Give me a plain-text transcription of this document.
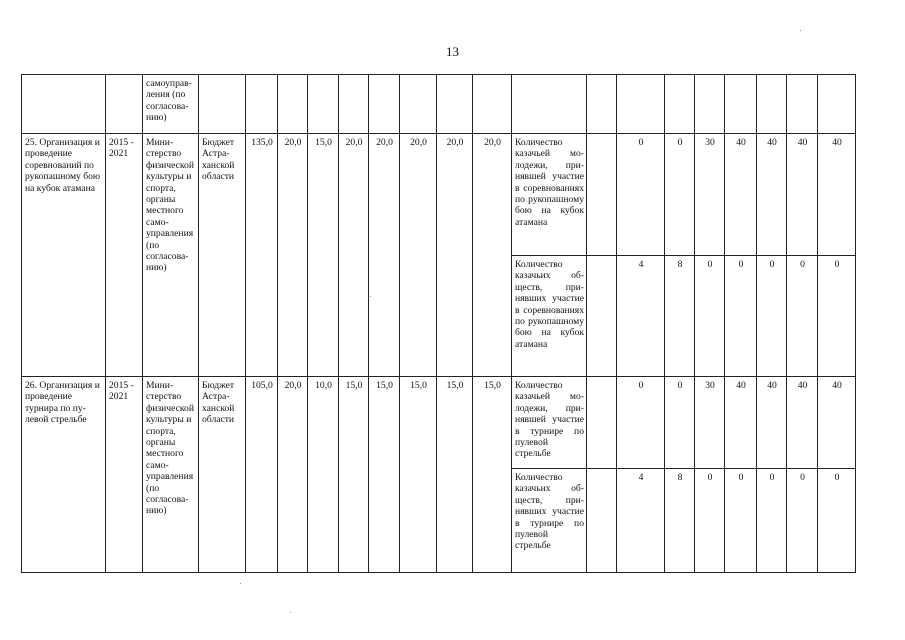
13
		самоуправления (по согласованию)																		
25. Организация и проведение соревнований по рукопашному бою на кубок атамана	2015 - 2021	Министерство физической культуры и спорта, органы местного самоуправления (по согласованию)	Бюджет Астраханской области	135,0	20,0	15,0	20,0	20,0	20,0	20,0	20,0	Количество казачьей молодежи, принявшей участие в соревнованиях по рукопашному бою на кубок атамана		0	0	30	40	40	40	40
												Количество казачьих обществ, принявших участие в соревнованиях по рукопашному бою на кубок атамана		4	8	0	0	0	0	0
26. Организация и проведение турнира по пулевой стрельбе	2015 - 2021	Министерство физической культуры и спорта, органы местного самоуправления (по согласованию)	Бюджет Астраханской области	105,0	20,0	10,0	15,0	15,0	15,0	15,0	15,0	Количество казачьей молодежи, принявшей участие в турнире по пулевой стрельбе		0	0	30	40	40	40	40
												Количество казачьих обществ, принявших участие в турнире по пулевой стрельбе		4	8	0	0	0	0	0
